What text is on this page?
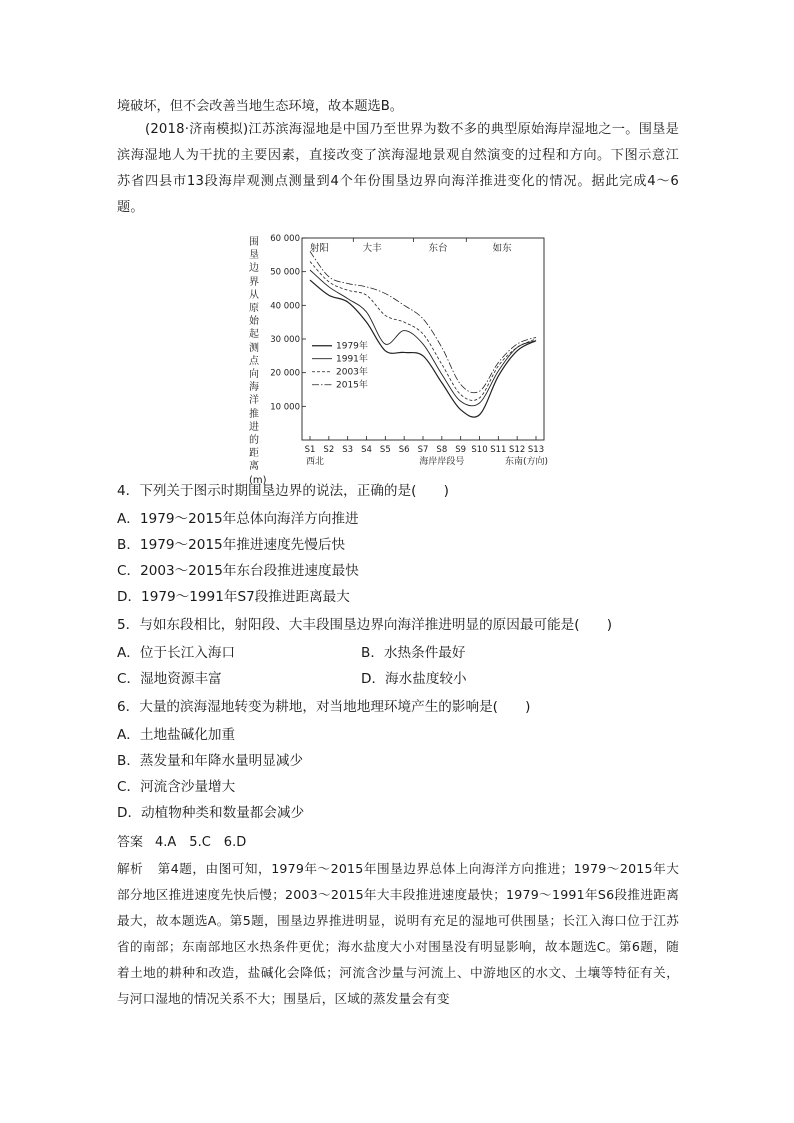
境破坏，但不会改善当地生态环境，故本题选B。
(2018·济南模拟)江苏滨海湿地是中国乃至世界为数不多的典型原始海岸湿地之一。围垦是滨海湿地人为干扰的主要因素，直接改变了滨海湿地景观自然演变的过程和方向。下图示意江苏省四县市13段海岸观测点测量到4个年份围垦边界向海洋推进变化的情况。据此完成4～6题。
围垦边界从原始起测点向海洋推进的距离(m)
10 000
20 000
30 000
40 000
50 000
60 000
S1 S2 S3 S4 S5 S6 S7 S8 S9 S10 S11 S12 S13
西北	海岸岸段号	东南(方向)
射阳	大丰	东台	如东
1979年
1991年
2003年
2015年
4．下列关于图示时期围垦边界的说法，正确的是(　　)
A．1979～2015年总体向海洋方向推进
B．1979～2015年推进速度先慢后快
C．2003～2015年东台段推进速度最快
D．1979～1991年S7段推进距离最大
5．与如东段相比，射阳段、大丰段围垦边界向海洋推进明显的原因最可能是(　　)
A．位于长江入海口	B．水热条件最好
C．湿地资源丰富	D．海水盐度较小
6．大量的滨海湿地转变为耕地，对当地地理环境产生的影响是(　　)
A．土地盐碱化加重
B．蒸发量和年降水量明显减少
C．河流含沙量增大
D．动植物种类和数量都会减少
答案 4.A　5.C　6.D
解析 第4题，由图可知，1979年～2015年围垦边界总体上向海洋方向推进；1979～2015年大部分地区推进速度先快后慢；2003～2015年大丰段推进速度最快；1979～1991年S6段推进距离最大，故本题选A。第5题，围垦边界推进明显，说明有充足的湿地可供围垦；长江入海口位于江苏省的南部；东南部地区水热条件更优；海水盐度大小对围垦没有明显影响，故本题选C。第6题，随着土地的耕种和改造，盐碱化会降低；河流含沙量与河流上、中游地区的水文、土壤等特征有关，与河口湿地的情况关系不大；围垦后，区域的蒸发量会有变
